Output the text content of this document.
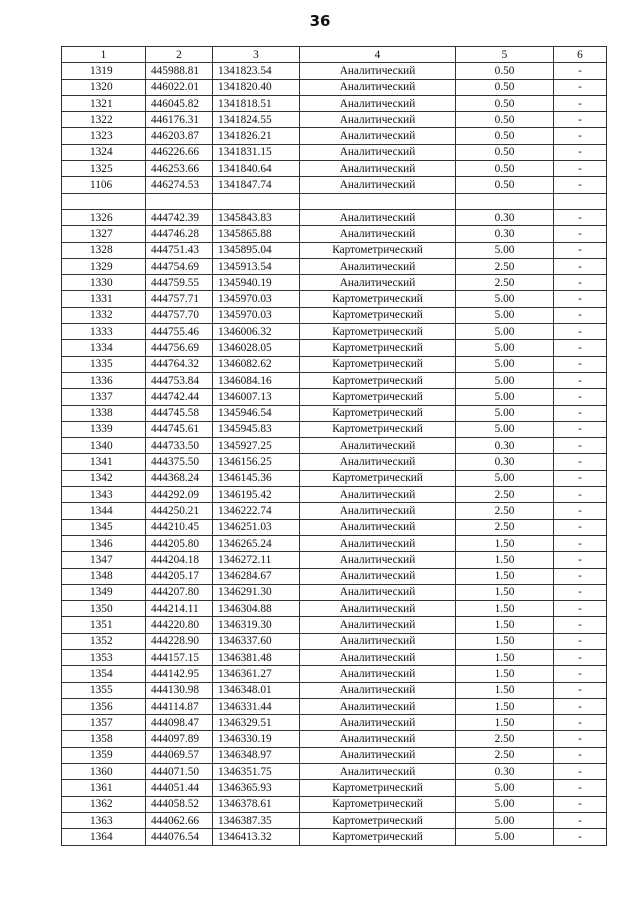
36
1	2	3	4	5	6
1319	445988.81	1341823.54	Аналитический	0.50	-
1320	446022.01	1341820.40	Аналитический	0.50	-
1321	446045.82	1341818.51	Аналитический	0.50	-
1322	446176.31	1341824.55	Аналитический	0.50	-
1323	446203.87	1341826.21	Аналитический	0.50	-
1324	446226.66	1341831.15	Аналитический	0.50	-
1325	446253.66	1341840.64	Аналитический	0.50	-
1106	446274.53	1341847.74	Аналитический	0.50	-

1326	444742.39	1345843.83	Аналитический	0.30	-
1327	444746.28	1345865.88	Аналитический	0.30	-
1328	444751.43	1345895.04	Картометрический	5.00	-
1329	444754.69	1345913.54	Аналитический	2.50	-
1330	444759.55	1345940.19	Аналитический	2.50	-
1331	444757.71	1345970.03	Картометрический	5.00	-
1332	444757.70	1345970.03	Картометрический	5.00	-
1333	444755.46	1346006.32	Картометрический	5.00	-
1334	444756.69	1346028.05	Картометрический	5.00	-
1335	444764.32	1346082.62	Картометрический	5.00	-
1336	444753.84	1346084.16	Картометрический	5.00	-
1337	444742.44	1346007.13	Картометрический	5.00	-
1338	444745.58	1345946.54	Картометрический	5.00	-
1339	444745.61	1345945.83	Картометрический	5.00	-
1340	444733.50	1345927.25	Аналитический	0.30	-
1341	444375.50	1346156.25	Аналитический	0.30	-
1342	444368.24	1346145.36	Картометрический	5.00	-
1343	444292.09	1346195.42	Аналитический	2.50	-
1344	444250.21	1346222.74	Аналитический	2.50	-
1345	444210.45	1346251.03	Аналитический	2.50	-
1346	444205.80	1346265.24	Аналитический	1.50	-
1347	444204.18	1346272.11	Аналитический	1.50	-
1348	444205.17	1346284.67	Аналитический	1.50	-
1349	444207.80	1346291.30	Аналитический	1.50	-
1350	444214.11	1346304.88	Аналитический	1.50	-
1351	444220.80	1346319.30	Аналитический	1.50	-
1352	444228.90	1346337.60	Аналитический	1.50	-
1353	444157.15	1346381.48	Аналитический	1.50	-
1354	444142.95	1346361.27	Аналитический	1.50	-
1355	444130.98	1346348.01	Аналитический	1.50	-
1356	444114.87	1346331.44	Аналитический	1.50	-
1357	444098.47	1346329.51	Аналитический	1.50	-
1358	444097.89	1346330.19	Аналитический	2.50	-
1359	444069.57	1346348.97	Аналитический	2.50	-
1360	444071.50	1346351.75	Аналитический	0.30	-
1361	444051.44	1346365.93	Картометрический	5.00	-
1362	444058.52	1346378.61	Картометрический	5.00	-
1363	444062.66	1346387.35	Картометрический	5.00	-
1364	444076.54	1346413.32	Картометрический	5.00	-
